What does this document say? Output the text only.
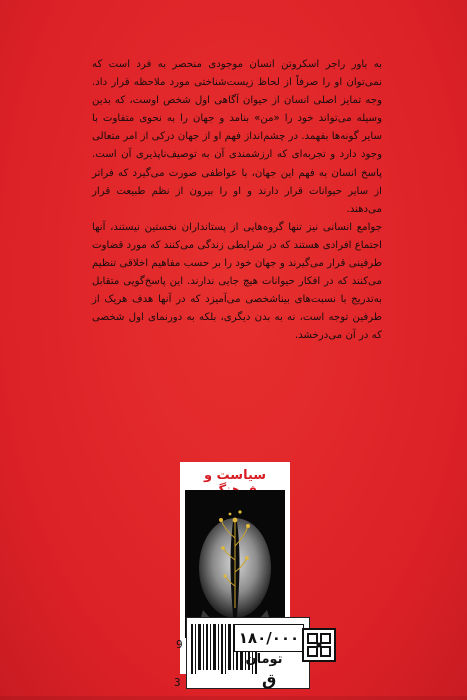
به باور راجر اسکروتن انسان موجودی منحصر به فرد است که نمی‌توان او را صرفاً از لحاظ زیست‌شناختی مورد ملاحظه قرار داد. وجه تمایز اصلی انسان از حیوان آگاهی اول شخص اوست، که بدین وسیله می‌تواند خود را «من» بنامد و جهان را به نحوی متفاوت با سایر گونه‌ها بفهمد. در چشم‌انداز فهم او از جهان درکی از امر متعالی وجود دارد و تجربه‌ای که ارزشمندی آن به توصیف‌ناپذیری آن است. پاسخ انسان به فهم این جهان، با عواطفی صورت می‌گیرد که فراتر از سایر حیوانات قرار دارند و او را بیرون از نظم طبیعت قرار می‌دهند.

جوامع انسانی نیز تنها گروه‌هایی از پستانداران نخستین نیستند، آنها اجتماع افرادی هستند که در شرایطی زندگی می‌کنند که مورد قضاوت طرفینی قرار می‌گیرند و جهان خود را بر حسب مفاهیم اخلاقی تنظیم می‌کنند که در افکار حیوانات هیچ جایی ندارند. این پاسخ‌گویی متقابل به‌تدریج با نسبت‌های بینا‌شخصی می‌آمیزد که در آنها هدف هریک از طرفین توجه است، نه به بدن دیگری، بلکه به دورنمای اول شخصی که در آن می‌درخشد.

سیاست و
9
3
۱۸۰/۰۰۰
تومان
ق
